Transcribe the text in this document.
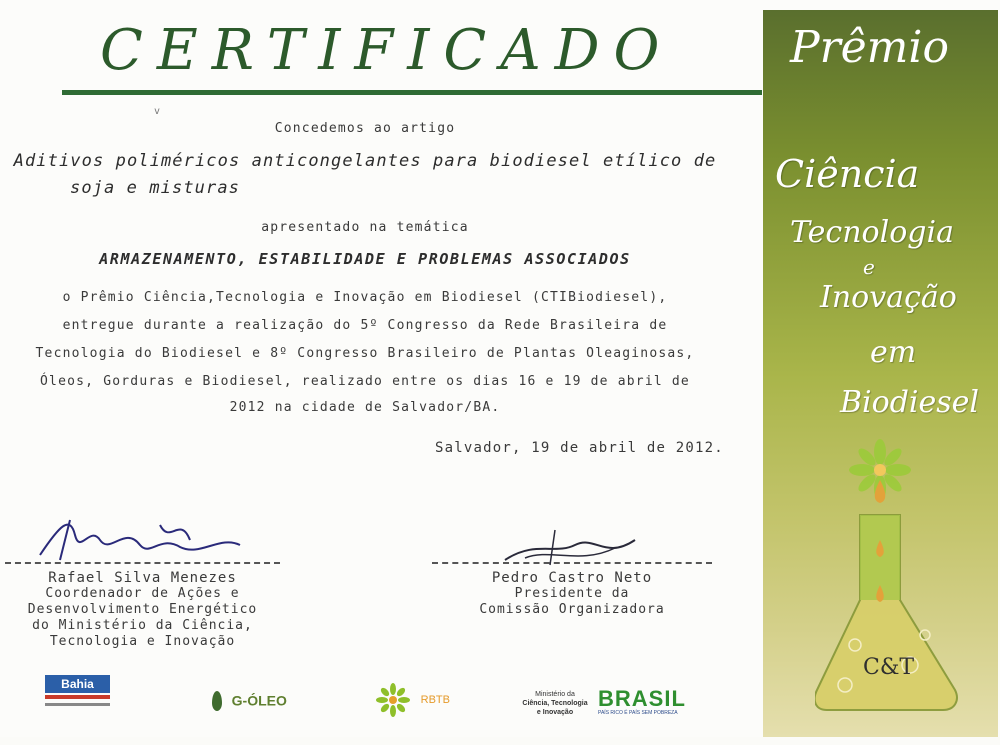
CERTIFICADO
v
Concedemos ao artigo
Aditivos poliméricos anticongelantes para biodiesel etílico de
soja e misturas
apresentado na temática
ARMAZENAMENTO, ESTABILIDADE E PROBLEMAS ASSOCIADOS
o Prêmio Ciência,Tecnologia e Inovação em Biodiesel (CTIBiodiesel),
entregue durante a realização do 5º Congresso da Rede Brasileira de
Tecnologia do Biodiesel e 8º Congresso Brasileiro de Plantas Oleaginosas,
Óleos, Gorduras e Biodiesel, realizado entre os dias 16 e 19 de abril de
2012 na cidade de Salvador/BA.
Salvador, 19 de abril de 2012.
Rafael Silva Menezes
Coordenador de Ações e
Desenvolvimento Energético
do Ministério da Ciência,
Tecnologia e Inovação
Pedro Castro Neto
Presidente da
Comissão Organizadora
Bahia
G-ÓLEO	RBTB	Ministério da
Ciência, Tecnologia
e Inovação
BRASIL
PAÍS RICO É PAÍS SEM POBREZA
Prêmio
Ciência
Tecnologia
e
Inovação
em
Biodiesel
C&T
